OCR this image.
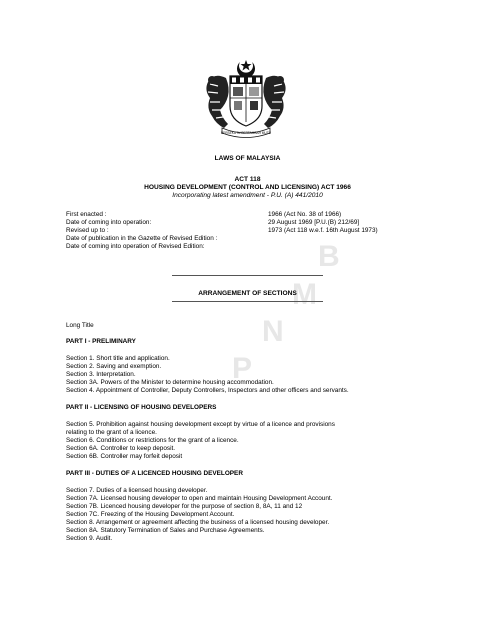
B
M
N
P
BERSEKUTU BERTAMBAH MUTU
LAWS OF MALAYSIA
ACT 118
HOUSING DEVELOPMENT (CONTROL AND LICENSING) ACT 1966
Incorporating latest amendment - P.U. (A) 441/2010
First enacted :	1966 (Act No. 38 of 1966)
Date of coming into operation:	29 August 1969 [P.U.(B) 212/69]
Revised up to :	1973 (Act 118 w.e.f. 16th August 1973)
Date of publication in the Gazette of Revised Edition :
Date of coming into operation of Revised Edition:
ARRANGEMENT OF SECTIONS
Long Title
PART I - PRELIMINARY
Section 1. Short title and application.
Section 2. Saving and exemption.
Section 3. Interpretation.
Section 3A. Powers of the Minister to determine housing accommodation.
Section 4. Appointment of Controller, Deputy Controllers, Inspectors and other officers and servants.
PART II - LICENSING OF HOUSING DEVELOPERS
Section 5. Prohibition against housing development except by virtue of a licence and provisions
relating to the grant of a licence.
Section 6. Conditions or restrictions for the grant of a licence.
Section 6A. Controller to keep deposit.
Section 6B. Controller may forfeit deposit
PART III - DUTIES OF A LICENCED HOUSING DEVELOPER
Section 7. Duties of a licensed housing developer.
Section 7A. Licensed housing developer to open and maintain Housing Development Account.
Section 7B. Licenced housing developer for the purpose of section 8, 8A, 11 and 12
Section 7C. Freezing of the Housing Development Account.
Section 8. Arrangement or agreement affecting the business of a licensed housing developer.
Section 8A. Statutory Termination of Sales and Purchase Agreements.
Section 9. Audit.
